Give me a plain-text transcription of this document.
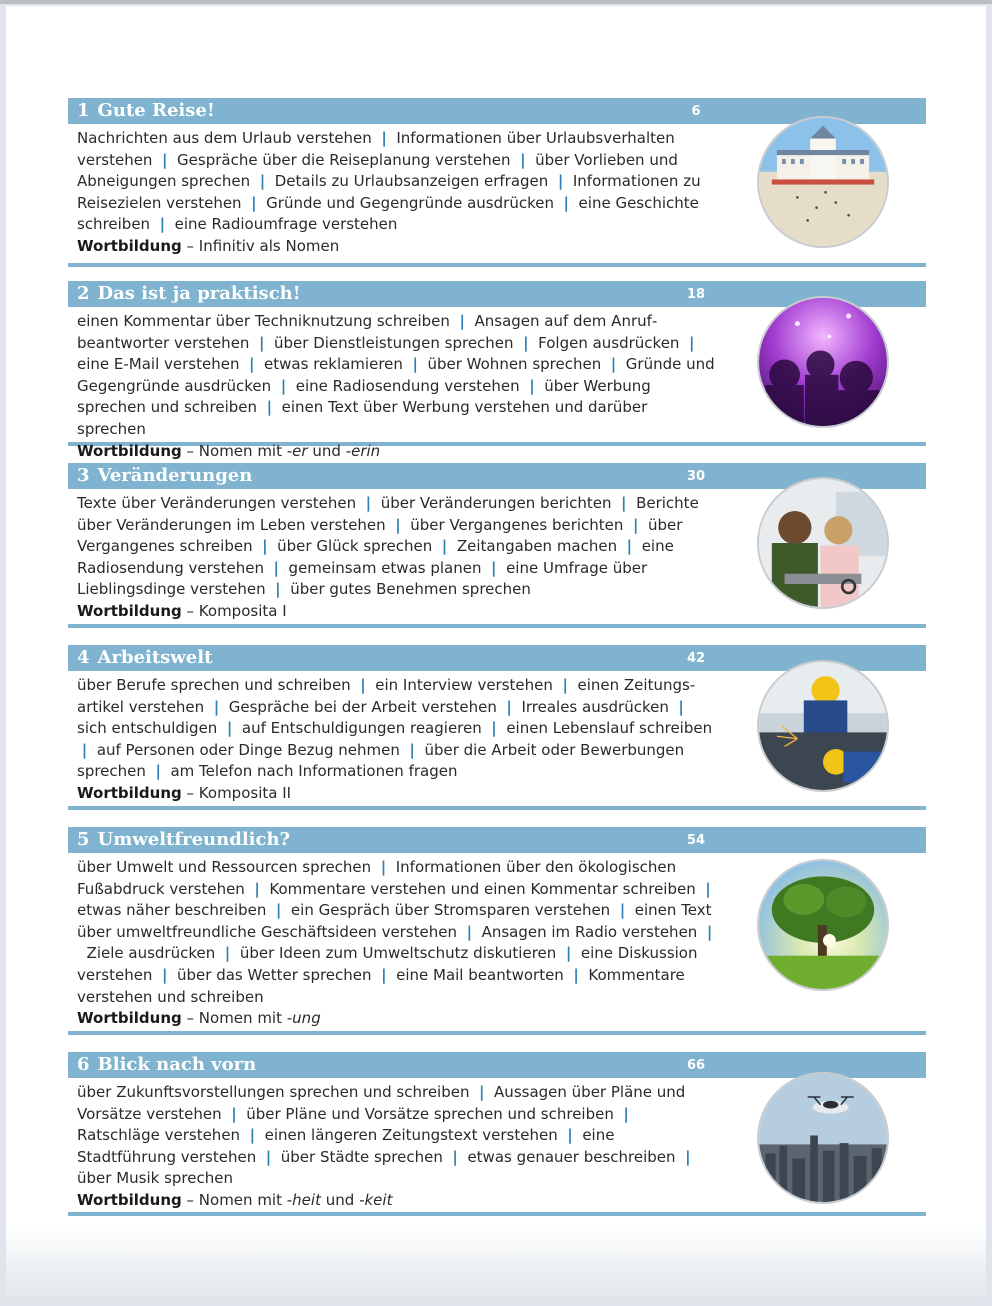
1 Gute Reise!	6

Nachrichten aus dem Urlaub verstehen | Informationen über Urlaubsverhalten verstehen | Gespräche über die Reiseplanung verstehen | über Vorlieben und Abneigungen sprechen | Details zu Urlaubsanzeigen erfragen | Informationen zu Reisezielen verstehen | Gründe und Gegengründe ausdrücken | eine Geschichte schreiben | eine Radioumfrage verstehen

Wortbildung – Infinitiv als Nomen

2 Das ist ja praktisch!	18

einen Kommentar über Techniknutzung schreiben | Ansagen auf dem Anrufbeantworter verstehen | über Dienstleistungen sprechen | Folgen ausdrücken |  eine E-Mail verstehen | etwas reklamieren | über Wohnen sprechen | Gründe und Gegengründe ausdrücken | eine Radiosendung verstehen | über Werbung sprechen und schreiben | einen Text über Werbung verstehen und darüber sprechen

Wortbildung – Nomen mit -er und -erin

3 Veränderungen	30

Texte über Veränderungen verstehen | über Veränderungen berichten | Berichte über Veränderungen im Leben verstehen | über Vergangenes berichten | über Vergangenes schreiben | über Glück sprechen | Zeitangaben machen | eine Radiosendung verstehen | gemeinsam etwas planen | eine Umfrage über Lieblingsdinge verstehen | über gutes Benehmen sprechen

Wortbildung – Komposita I

4 Arbeitswelt	42

über Berufe sprechen und schreiben | ein Interview verstehen | einen Zeitungsartikel verstehen | Gespräche bei der Arbeit verstehen | Irreales ausdrücken |  sich entschuldigen | auf Entschuldigungen reagieren | einen Lebenslauf schreiben  | auf Personen oder Dinge Bezug nehmen | über die Arbeit oder Bewerbungen sprechen | am Telefon nach Informationen fragen

Wortbildung – Komposita II

5 Umweltfreundlich?	54

über Umwelt und Ressourcen sprechen | Informationen über den ökologischen Fußabdruck verstehen | Kommentare verstehen und einen Kommentar schreiben |  etwas näher beschreiben | ein Gespräch über Stromsparen verstehen | einen Text über umweltfreundliche Geschäftsideen verstehen | Ansagen im Radio verstehen |  Ziele ausdrücken | über Ideen zum Umweltschutz diskutieren | eine Diskussion verstehen | über das Wetter sprechen | eine Mail beantworten | Kommentare verstehen und schreiben

Wortbildung – Nomen mit -ung

6 Blick nach vorn	66

über Zukunftsvorstellungen sprechen und schreiben | Aussagen über Pläne und Vorsätze verstehen | über Pläne und Vorsätze sprechen und schreiben |  Ratschläge verstehen | einen längeren Zeitungstext verstehen | eine Stadtführung verstehen | über Städte sprechen | etwas genauer beschreiben |  über Musik sprechen

Wortbildung – Nomen mit -heit und -keit
